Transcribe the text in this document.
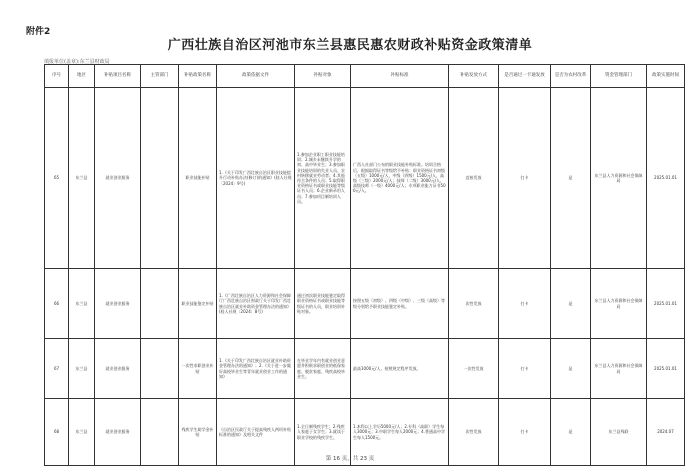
附件2
广西壮族自治区河池市东兰县惠民惠农财政补贴资金政策清单
填报单位(盖章):东兰县财政局
序号	地区	补贴项目名称	主管部门	补贴政策名称	政策依据文件	补贴对象	补贴标准	补贴发放方式	是否通过一卡通发放	是否为农村改革	资金管理部门	政策实施时间
65	东兰县	就业创业服务		职业技能补贴	1.《关于印发广西壮族自治区职业技能提升行动补贴办法(修订)的通知》(桂人社规〔2024〕9号)	1.参加企业职工职业技能培训；2.城乡未继续升学的初、高中毕业生；3.参加职业技能培训的失业人员、农村转移就业劳动者；4.其他符合条件的人员；5.取得职业资格证书或职业技能等级证书人员；6.企业新录用人员；7.参加项目制培训人员。	广西人社部门公布的职业技能补贴标准。培训合格后，根据取得证书等级给予补贴：职业资格证书初级（五级）1000元/人，中级（四级）1500元/人，高级（三级）2000元/人；技师（二级）3000元/人，高级技师（一级）4000元/人；专项职业能力证书500元/人。	直接发放	打卡	是	东兰县人力资源和社会保障局	2025.01.01
66	东兰县	就业创业服务		职业技能鉴定补贴	1.《广西壮族自治区人力资源和社会保障厅广西壮族自治区财政厅关于印发广西壮族自治区就业补助资金管理办法的通知》(桂人社规〔2024〕8号)	通过初次职业技能鉴定取得职业资格证书或职业技能等级证书的人员，职业培训补贴对象。	按照五级（初级）、四级（中级）、三级（高级）等级分别给予职业技能鉴定补贴。	次性发放	打卡	是	东兰县人力资源和社会保障局	2025.01.01
67	东兰县	就业创业服务		一次性求职创业补贴	1.《关于印发广西壮族自治区就业补助资金管理办法的通知》；2.《关于进一步做好高校毕业生等青年就业创业工作的通知》	在毕业学年内有就业创业意愿并积极求职创业的低保家庭、脱贫家庭、残疾高校毕业生。	最高1000元/人，按照规定程序发放。	一次性发放	打卡	是	东兰县人力资源和社会保障局	2025.01.01
68	东兰县	就业创业服务		残疾学生助学金补贴	《自治区民政厅关于提高残疾人两项补贴标准的通知》及相关文件	1.全日制残疾学生；2.残疾人家庭子女学生；3.就读于职业学校的残疾学生。	1.本科以上学历5000元/人；2.专科（高职）学生每人3000元；3.中职学生每人2000元；4.普通高中学生每人1500元。	次性发放	打卡	是	东兰县残联	2024.07
第 16 页，共 23 页
